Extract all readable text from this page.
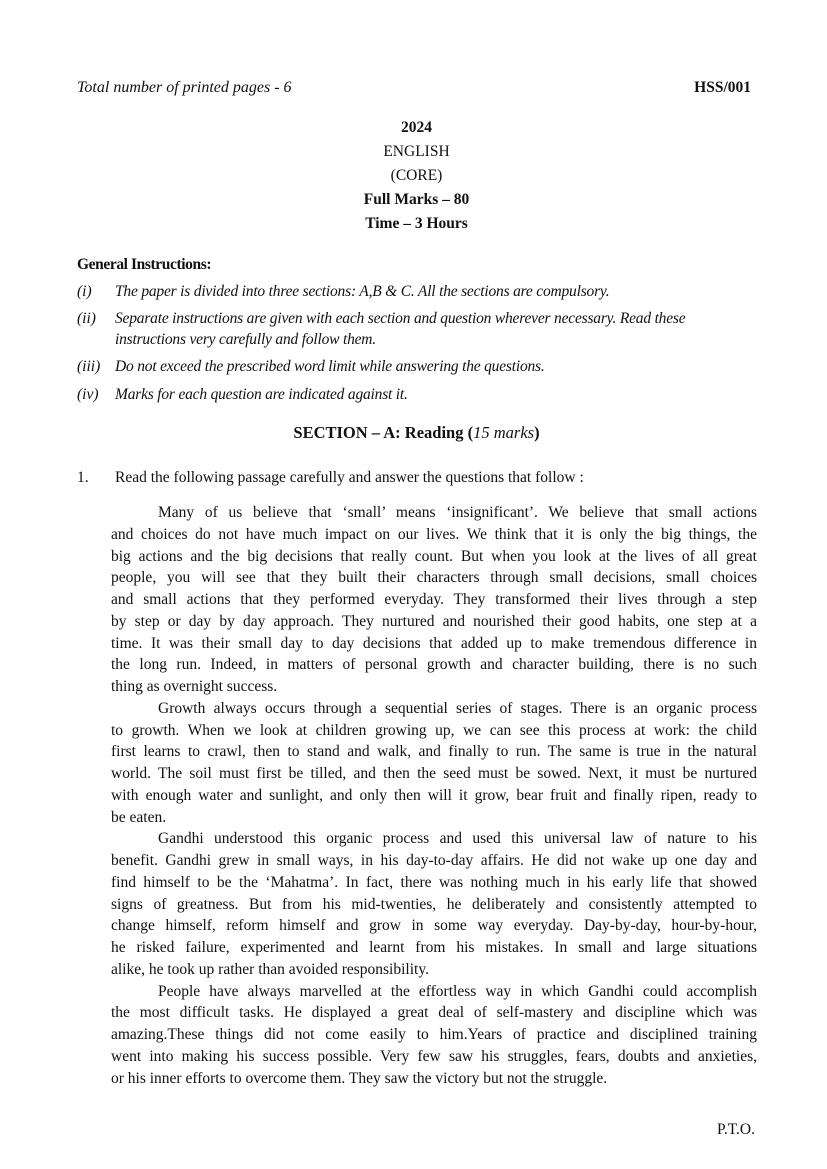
Total number of printed pages - 6	HSS/001
2024
ENGLISH
(CORE)
Full Marks – 80
Time – 3 Hours
General Instructions:
(i) The paper is divided into three sections: A,B & C. All the sections are compulsory.
(ii) Separate instructions are given with each section and question wherever necessary. Read these
instructions very carefully and follow them.
(iii) Do not exceed the prescribed word limit while answering the questions.
(iv) Marks for each question are indicated against it.
SECTION – A: Reading (15 marks)
1. Read the following passage carefully and answer the questions that follow :
Many of us believe that ‘small’ means ‘insignificant’. We believe that small actions
and choices do not have much impact on our lives. We think that it is only the big things, the
big actions and the big decisions that really count. But when you look at the lives of all great
people, you will see that they built their characters through small decisions, small choices
and small actions that they performed everyday. They transformed their lives through a step
by step or day by day approach. They nurtured and nourished their good habits, one step at a
time. It was their small day to day decisions that added up to make tremendous difference in
the long run. Indeed, in matters of personal growth and character building, there is no such
thing as overnight success.
Growth always occurs through a sequential series of stages. There is an organic process
to growth. When we look at children growing up, we can see this process at work: the child
first learns to crawl, then to stand and walk, and finally to run. The same is true in the natural
world. The soil must first be tilled, and then the seed must be sowed. Next, it must be nurtured
with enough water and sunlight, and only then will it grow, bear fruit and finally ripen, ready to
be eaten.
Gandhi understood this organic process and used this universal law of nature to his
benefit. Gandhi grew in small ways, in his day-to-day affairs. He did not wake up one day and
find himself to be the ‘Mahatma’. In fact, there was nothing much in his early life that showed
signs of greatness. But from his mid-twenties, he deliberately and consistently attempted to
change himself, reform himself and grow in some way everyday. Day-by-day, hour-by-hour,
he risked failure, experimented and learnt from his mistakes. In small and large situations
alike, he took up rather than avoided responsibility.
People have always marvelled at the effortless way in which Gandhi could accomplish
the most difficult tasks. He displayed a great deal of self-mastery and discipline which was
amazing.These things did not come easily to him.Years of practice and disciplined training
went into making his success possible. Very few saw his struggles, fears, doubts and anxieties,
or his inner efforts to overcome them. They saw the victory but not the struggle.
P.T.O.
